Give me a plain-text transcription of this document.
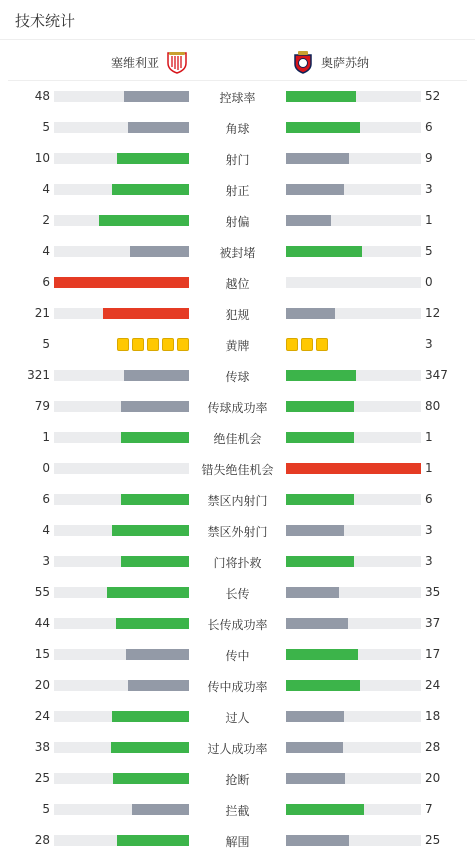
技术统计
塞维利亚	奥萨苏纳
48	控球率	52
5	角球	6
10	射门	9
4	射正	3
2	射偏	1
4	被封堵	5
6	越位	0
21	犯规	12
5	黄牌	3
321	传球	347
79	传球成功率	80
1	绝佳机会	1
0	错失绝佳机会	1
6	禁区内射门	6
4	禁区外射门	3
3	门将扑救	3
55	长传	35
44	长传成功率	37
15	传中	17
20	传中成功率	24
24	过人	18
38	过人成功率	28
25	抢断	20
5	拦截	7
28	解围	25
